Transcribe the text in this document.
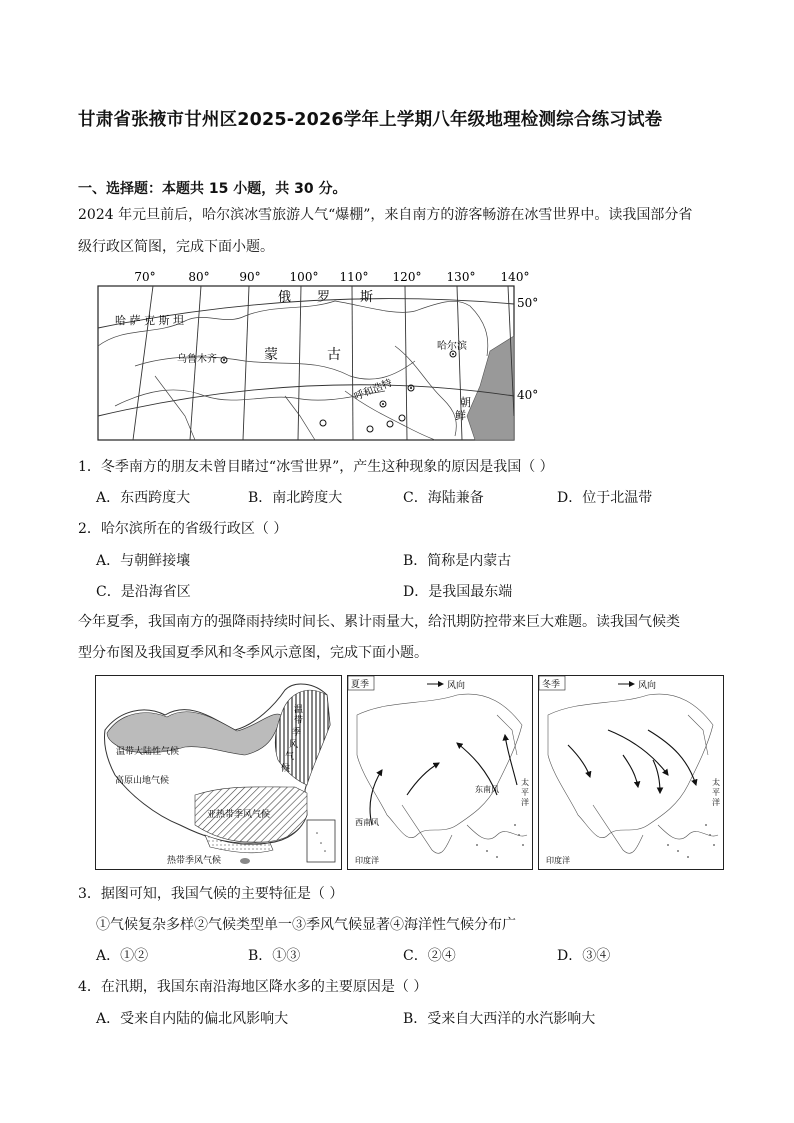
甘肃省张掖市甘州区2025-2026学年上学期八年级地理检测综合练习试卷
一、选择题：本题共 15 小题，共 30 分。
2024 年元旦前后，哈尔滨冰雪旅游人气“爆棚”，来自南方的游客畅游在冰雪世界中。读我国部分省
级行政区简图，完成下面小题。
70°	80° 90° 100° 110° 120° 130° 140°
哈 萨 克 斯 坦
俄 罗 斯
蒙	古
乌鲁木齐
哈尔滨
呼和浩特	朝
鲜
50°
40°
1．冬季南方的朋友未曾目睹过“冰雪世界”，产生这种现象的原因是我国（ ）
A．东西跨度大	B．南北跨度大	C．海陆兼备	D．位于北温带
2．哈尔滨所在的省级行政区（ ）
A．与朝鲜接壤	B．简称是内蒙古
C．是沿海省区	D．是我国最东端
今年夏季，我国南方的强降雨持续时间长、累计雨量大，给汛期防控带来巨大难题。读我国气候类
型分布图及我国夏季风和冬季风示意图，完成下面小题。
温带大陆性气候
高原山地气候
亚热带季风气候
热带季风气候
温
带
季
风
气
候
夏季	风向
东南风
西南风
太
平
洋
印度洋
冬季	风向
太
平
洋
印度洋
3．据图可知，我国气候的主要特征是（ ）
①气候复杂多样②气候类型单一③季风气候显著④海洋性气候分布广
A．①②	B．①③	C．②④	D．③④
4．在汛期，我国东南沿海地区降水多的主要原因是（ ）
A．受来自内陆的偏北风影响大	B．受来自大西洋的水汽影响大
